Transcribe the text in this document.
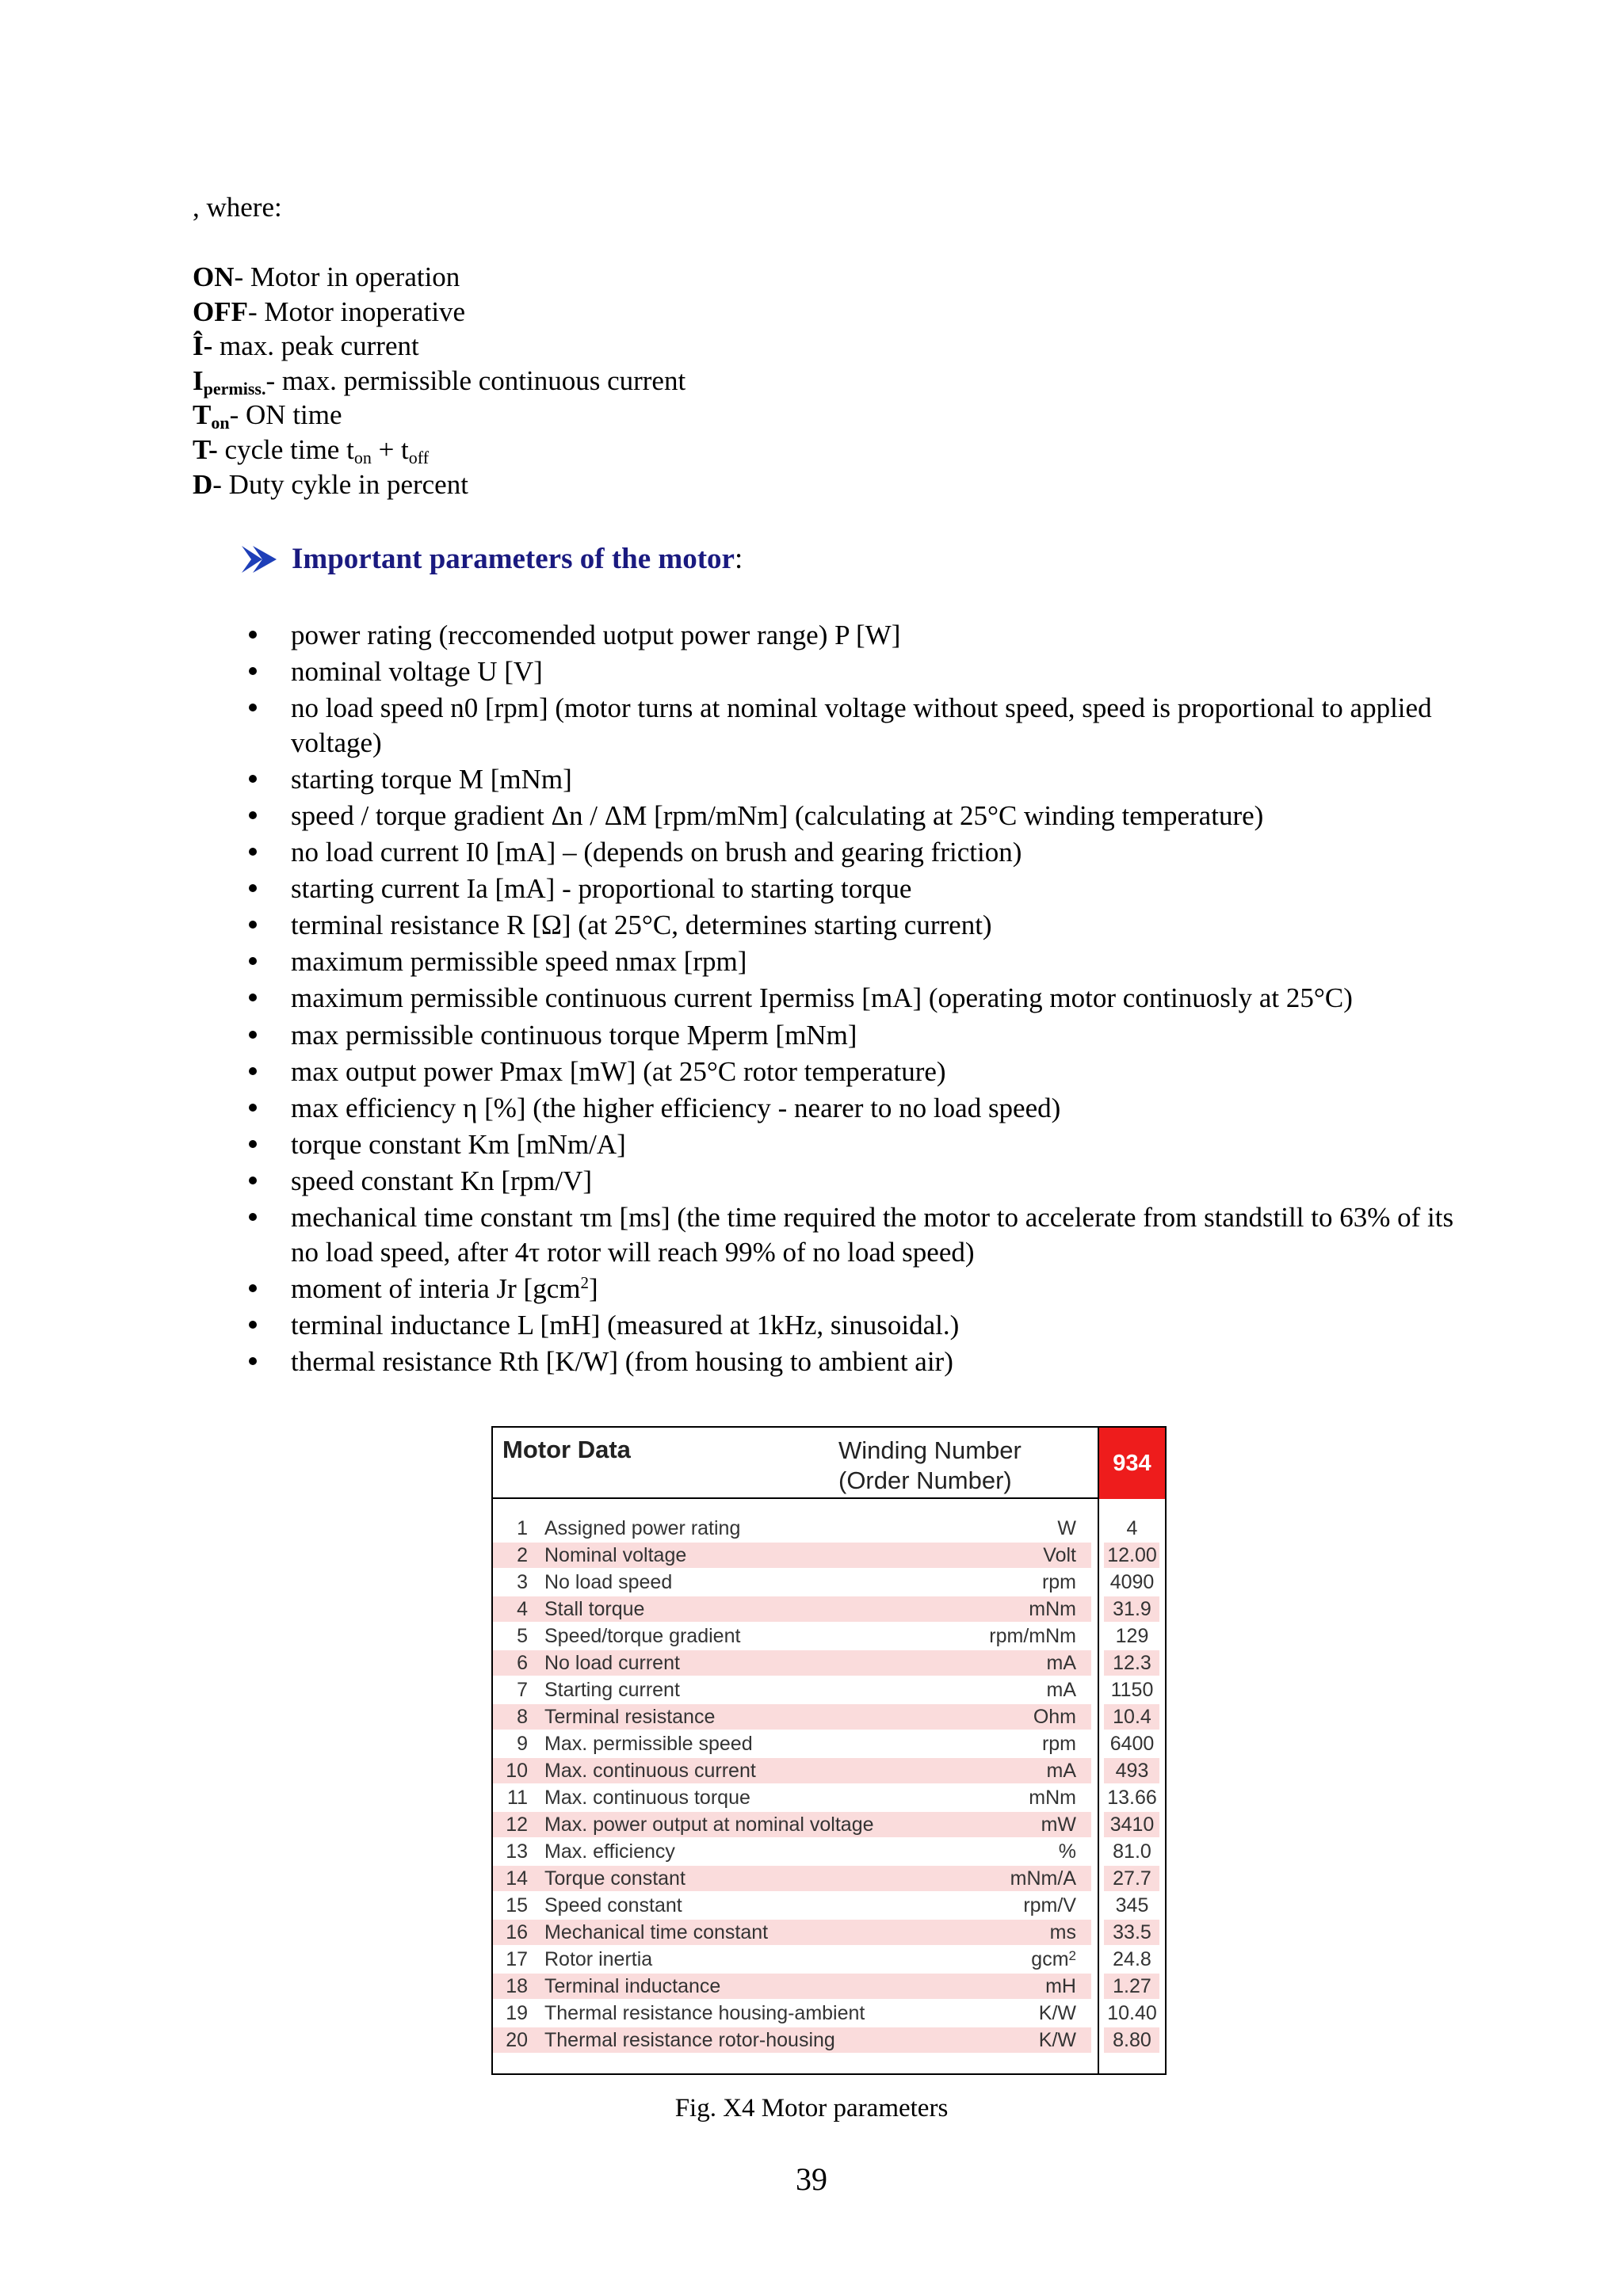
, where:
ON- Motor in operation
OFF- Motor inoperative
Î- max. peak current
$I_{permiss.}-$ max. permissible continuous current
$T_{on}-$ ON time
T- cycle time $t_{on} + t_{off}$
D- Duty cykle in percent
Important parameters of the motor :
power rating (reccomended uotput power range) P [W]
nominal voltage U [V]
no load speed n0 [rpm] (motor turns at nominal voltage without speed, speed is proportional to applied voltage)
starting torque M [mNm]
speed / torque gradient Δn / ΔM [rpm/mNm] (calculating at 25°C winding temperature)
no load current I0 [mA] – (depends on brush and gearing friction)
starting current Ia [mA] - proportional to starting torque
terminal resistance R [Ω] (at 25°C, determines starting current)
maximum permissible speed nmax [rpm]
maximum permissible continuous current Ipermiss [mA] (operating motor continuosly at 25°C)
max permissible continuous torque Mperm [mNm]
max output power Pmax [mW] (at 25°C rotor temperature)
max efficiency η [%] (the higher efficiency - nearer to no load speed)
torque constant Km [mNm/A]
speed constant Kn [rpm/V]
mechanical time constant τm [ms] (the time required the motor to accelerate from standstill to 63% of its no load speed, after 4τ rotor will reach 99% of no load speed)
moment of interia Jr [gcm$^2$]
terminal inductance L [mH] (measured at 1kHz, sinusoidal.)
thermal resistance Rth [K/W] (from housing to ambient air)
Motor Data	Winding Number
(Order Number)
934
1 Assigned power rating	W	4
2 Nominal voltage	Volt	12.00
3 No load speed	rpm	4090
4 Stall torque	mNm	31.9
5 Speed/torque gradient	rpm/mNm	129
6 No load current	mA	12.3
7 Starting current	mA	1150
8 Terminal resistance	Ohm	10.4
9 Max. permissible speed	rpm	6400
10 Max. continuous current	mA	493
11 Max. continuous torque	mNm	13.66
12 Max. power output at nominal voltage	mW	3410
13 Max. efficiency	%	81.0
14 Torque constant	mNm/A	27.7
15 Speed constant	rpm/V	345
16 Mechanical time constant	ms	33.5
17 Rotor inertia	gcm$^2$	24.8
18 Terminal inductance	mH	1.27
19 Thermal resistance housing-ambient	K/W	10.40
20 Thermal resistance rotor-housing	K/W	8.80
Fig. X4 Motor parameters
39
